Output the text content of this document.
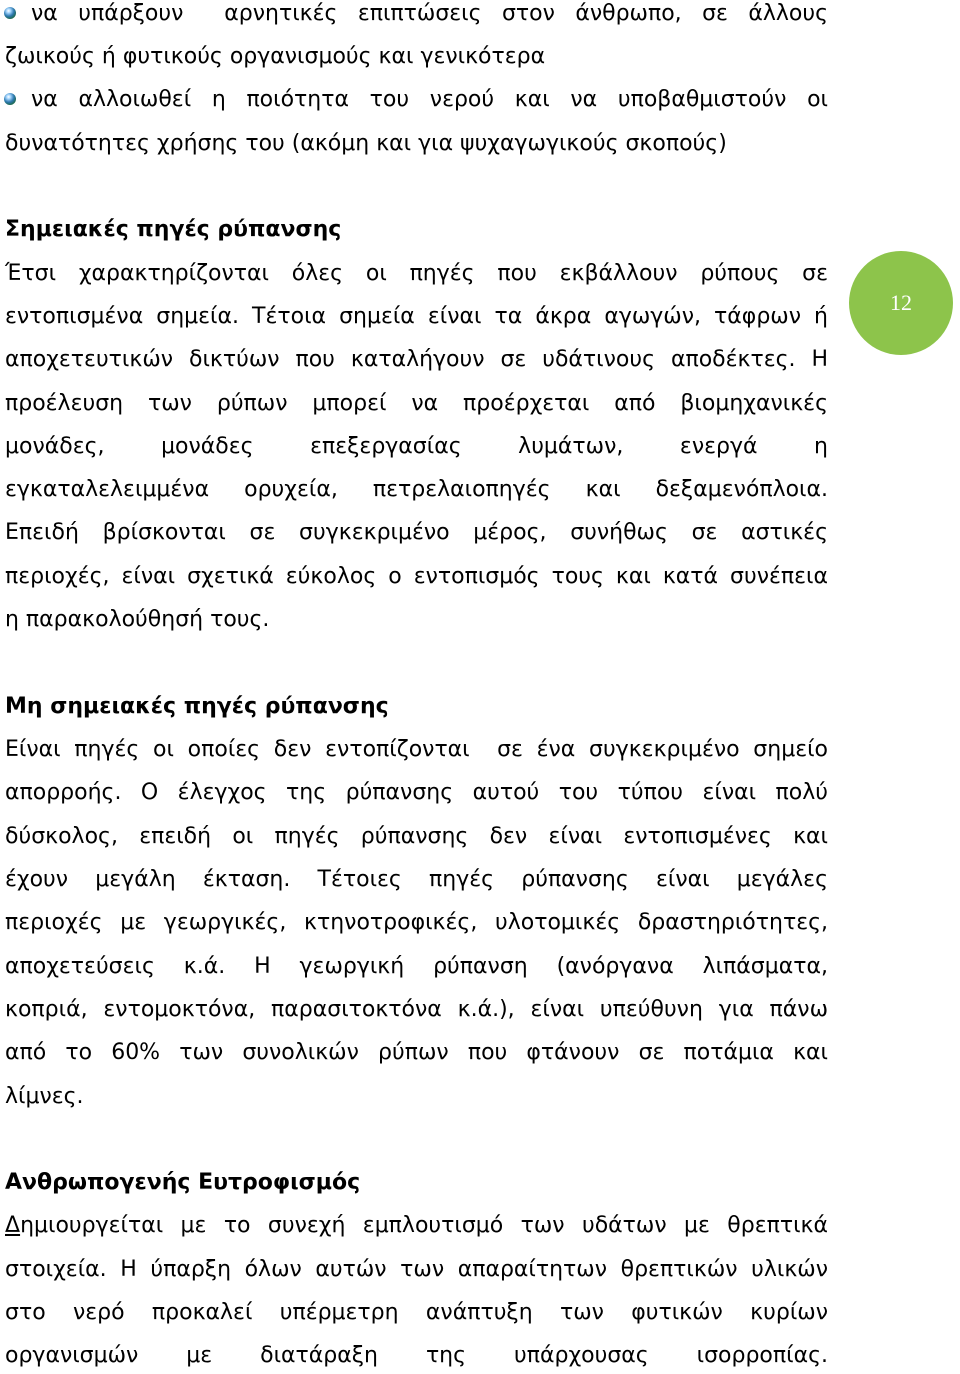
να υπάρξουν  αρνητικές επιπτώσεις στον άνθρωπο, σε άλλους
ζωικούς ή φυτικούς οργανισμούς και γενικότερα
να αλλοιωθεί η ποιότητα του νερού και να υποβαθμιστούν οι
δυνατότητες χρήσης του (ακόμη και για ψυχαγωγικούς σκοπούς)
Σημειακές πηγές ρύπανσης
Έτσι χαρακτηρίζονται όλες οι πηγές που εκβάλλουν ρύπους σε
εντοπισμένα σημεία. Τέτοια σημεία είναι τα άκρα αγωγών, τάφρων ή
αποχετευτικών δικτύων που καταλήγουν σε υδάτινους αποδέκτες. Η
προέλευση των ρύπων μπορεί να προέρχεται από βιομηχανικές
μονάδες, μονάδες επεξεργασίας λυμάτων, ενεργά η
εγκαταλελειμμένα ορυχεία, πετρελαιοπηγές και δεξαμενόπλοια.
Επειδή βρίσκονται σε συγκεκριμένο μέρος, συνήθως σε αστικές
περιοχές, είναι σχετικά εύκολος ο εντοπισμός τους και κατά συνέπεια
η παρακολούθησή τους.
Μη σημειακές πηγές ρύπανσης
Είναι πηγές οι οποίες δεν εντοπίζονται  σε ένα συγκεκριμένο σημείο
απορροής. Ο έλεγχος της ρύπανσης αυτού του τύπου είναι πολύ
δύσκολος, επειδή οι πηγές ρύπανσης δεν είναι εντοπισμένες και
έχουν μεγάλη έκταση. Τέτοιες πηγές ρύπανσης είναι μεγάλες
περιοχές με γεωργικές, κτηνοτροφικές, υλοτομικές δραστηριότητες,
αποχετεύσεις κ.ά. Η γεωργική ρύπανση (ανόργανα λιπάσματα,
κοπριά, εντομοκτόνα, παρασιτοκτόνα κ.ά.), είναι υπεύθυνη για πάνω
από το 60% των συνολικών ρύπων που φτάνουν σε ποτάμια και
λίμνες.
Ανθρωπογενής Ευτροφισμός
Δημιουργείται με το συνεχή εμπλουτισμό των υδάτων με θρεπτικά
στοιχεία. Η ύπαρξη όλων αυτών των απαραίτητων θρεπτικών υλικών
στο νερό προκαλεί υπέρμετρη ανάπτυξη των φυτικών κυρίων
οργανισμών με διατάραξη της υπάρχουσας ισορροπίας.
12
